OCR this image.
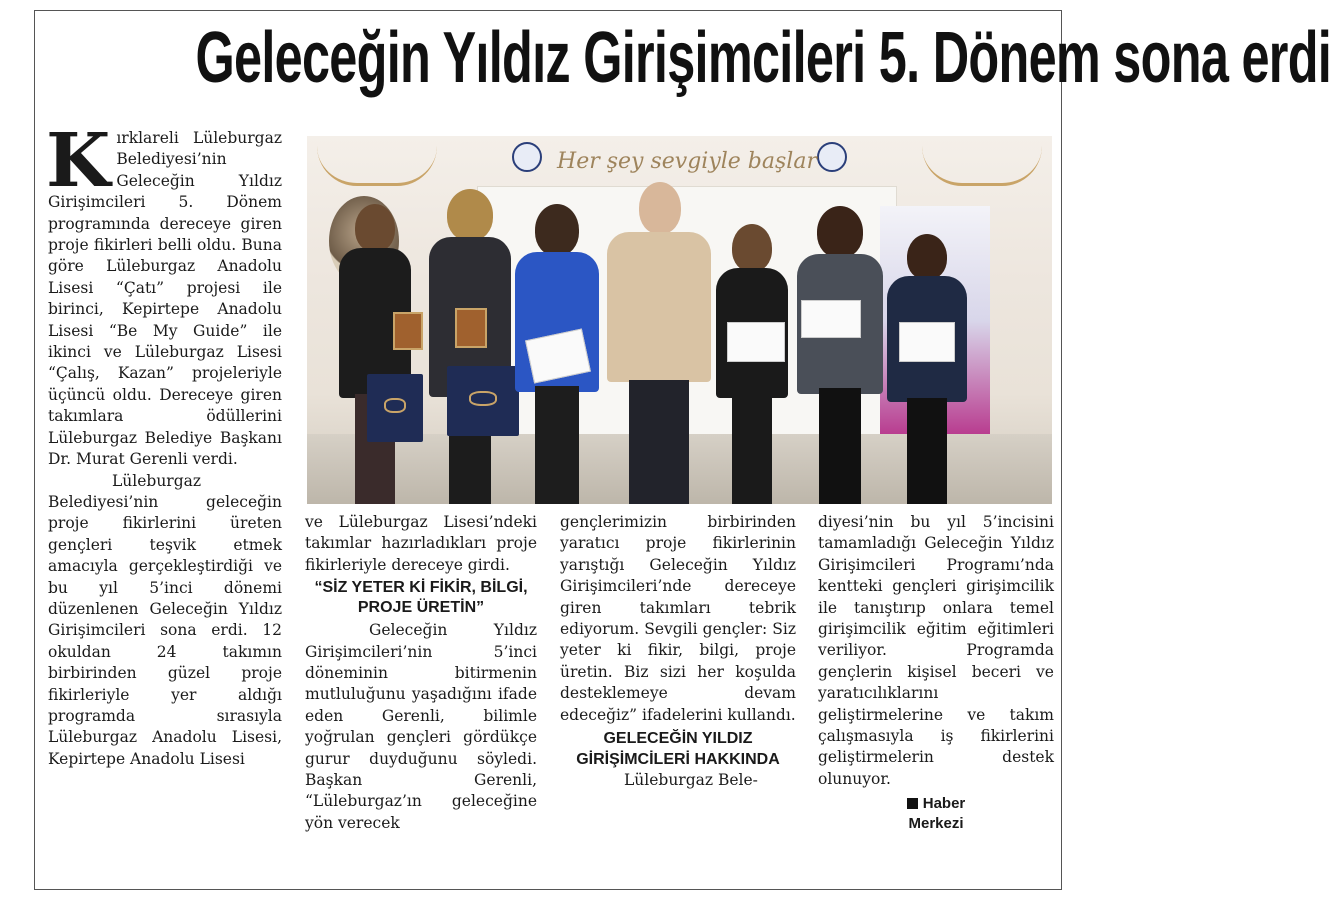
Geleceğin Yıldız Girişimcileri 5. Dönem sona erdi

Kırklareli Lüleburgaz Belediyesi’nin Geleceğin Yıldız Girişimcileri 5. Dönem programında dereceye giren proje fikirleri belli oldu. Buna göre Lüleburgaz Anadolu Lisesi “Çatı” projesi ile birinci, Kepirtepe Anadolu Lisesi “Be My Guide” ile ikinci ve Lüleburgaz Lisesi “Çalış, Kazan” projeleriyle üçüncü oldu. Dereceye giren takımlara ödüllerini Lüleburgaz Belediye Başkanı Dr. Murat Gerenli verdi.

Lüleburgaz Belediyesi’nin geleceğin proje fikirlerini üreten gençleri teşvik etmek amacıyla gerçekleştirdiği ve bu yıl 5’inci dönemi düzenlenen Geleceğin Yıldız Girişimcileri sona erdi. 12 okuldan 24 takımın birbirinden güzel proje fikirleriyle yer aldığı programda sırasıyla Lüleburgaz Anadolu Lisesi, Kepirtepe Anadolu Lisesi

Her şey sevgiyle başlar

ve Lüleburgaz Lisesi’ndeki takımlar hazırladıkları proje fikirleriyle dereceye girdi.

“SİZ YETER Kİ FİKİR, BİLGİ, PROJE ÜRETİN”

Geleceğin Yıldız Girişimcileri’nin 5’inci döneminin bitirmenin mutluluğunu yaşadığını ifade eden Gerenli, bilimle yoğrulan gençleri gördükçe gurur duyduğunu söyledi. Başkan Gerenli, “Lüleburgaz’ın geleceğine yön verecek

gençlerimizin birbirinden yaratıcı proje fikirlerinin yarıştığı Geleceğin Yıldız Girişimcileri’nde dereceye giren takımları tebrik ediyorum. Sevgili gençler: Siz yeter ki fikir, bilgi, proje üretin. Biz sizi her koşulda desteklemeye devam edeceğiz” ifadelerini kullandı.

GELECEĞİN YILDIZ GİRİŞİMCİLERİ HAKKINDA

Lüleburgaz Bele-

diyesi’nin bu yıl 5’incisini tamamladığı Geleceğin Yıldız Girişimcileri Programı’nda kentteki gençleri girişimcilik ile tanıştırıp onlara temel girişimcilik eğitim eğitimleri veriliyor. Programda gençlerin kişisel beceri ve yaratıcılıklarını geliştirmelerine ve takım çalışmasıyla iş fikirlerini geliştirmelerin destek olunuyor.

Haber
Merkezi
